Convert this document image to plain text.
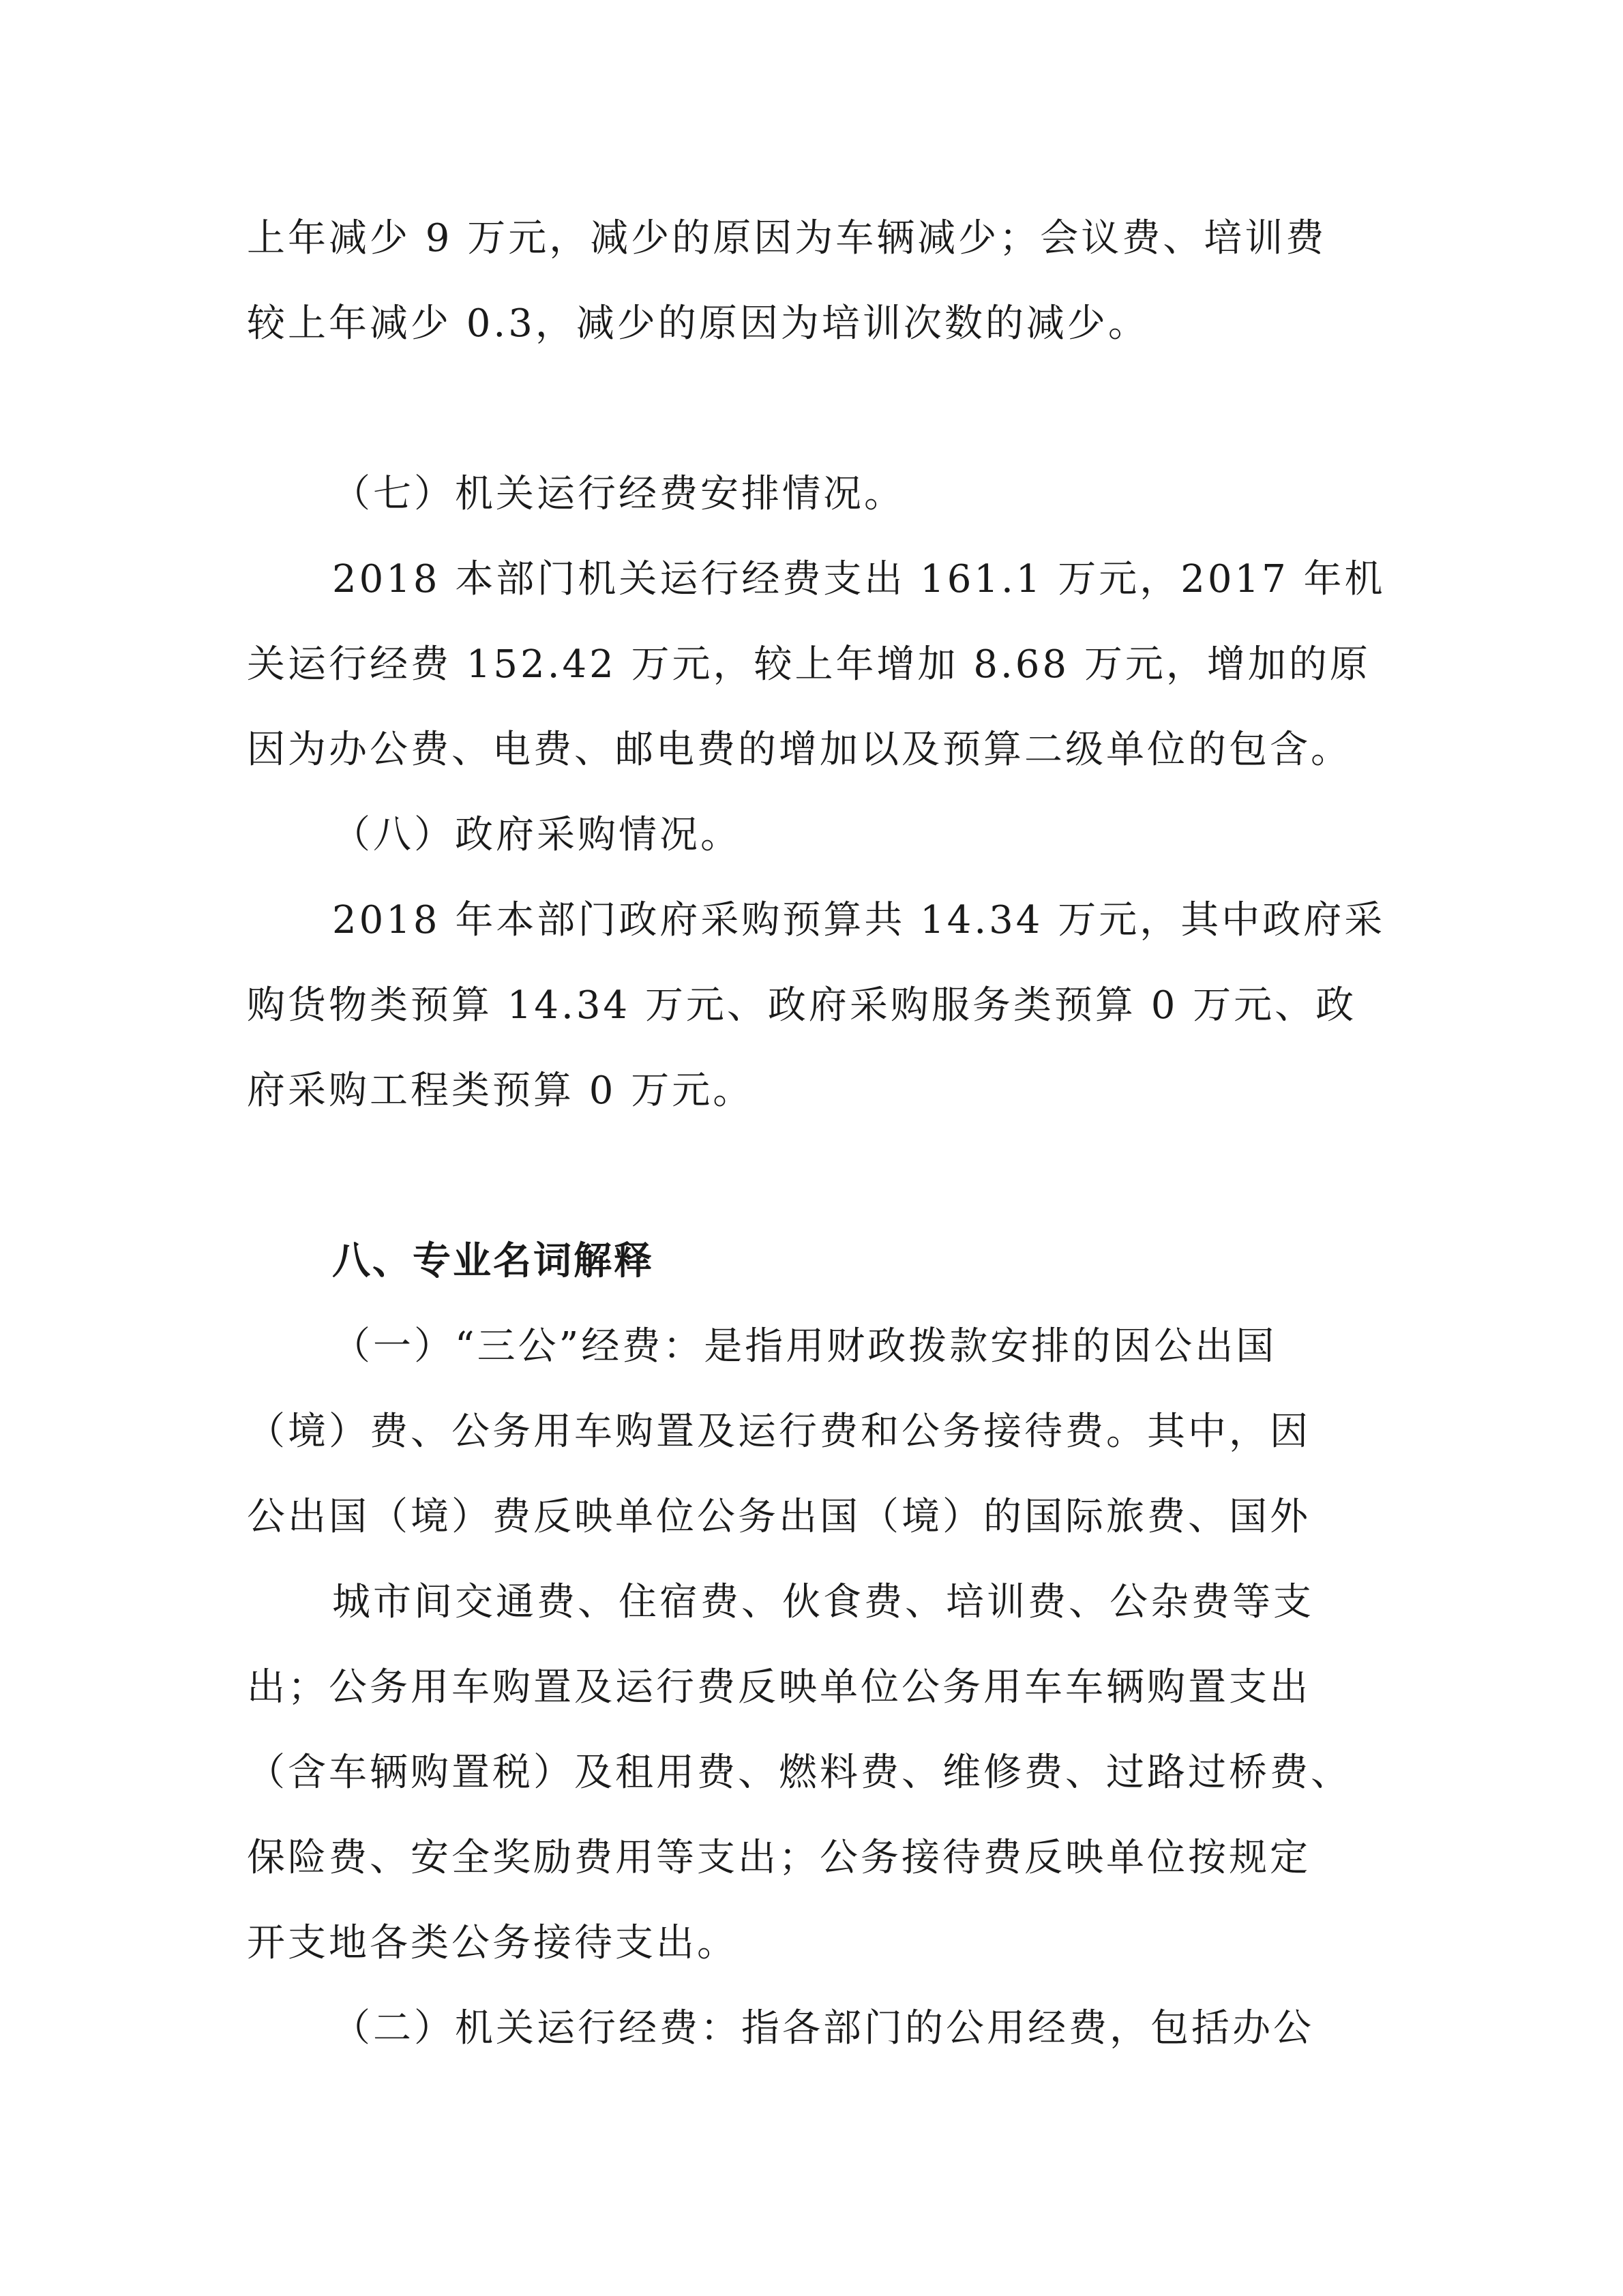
上年减少 9 万元，减少的原因为车辆减少；会议费、培训费
较上年减少 0.3，减少的原因为培训次数的减少。
（七）机关运行经费安排情况。
2018 本部门机关运行经费支出 161.1 万元，2017 年机
关运行经费 152.42 万元，较上年增加 8.68 万元，增加的原
因为办公费、电费、邮电费的增加以及预算二级单位的包含。
（八）政府采购情况。
2018 年本部门政府采购预算共 14.34 万元，其中政府采
购货物类预算 14.34 万元、政府采购服务类预算 0 万元、政
府采购工程类预算 0 万元。
八、专业名词解释
（一）“三公”经费：是指用财政拨款安排的因公出国
（境）费、公务用车购置及运行费和公务接待费。其中，因
公出国（境）费反映单位公务出国（境）的国际旅费、国外
城市间交通费、住宿费、伙食费、培训费、公杂费等支
出；公务用车购置及运行费反映单位公务用车车辆购置支出
（含车辆购置税）及租用费、燃料费、维修费、过路过桥费、
保险费、安全奖励费用等支出；公务接待费反映单位按规定
开支地各类公务接待支出。
（二）机关运行经费：指各部门的公用经费，包括办公
